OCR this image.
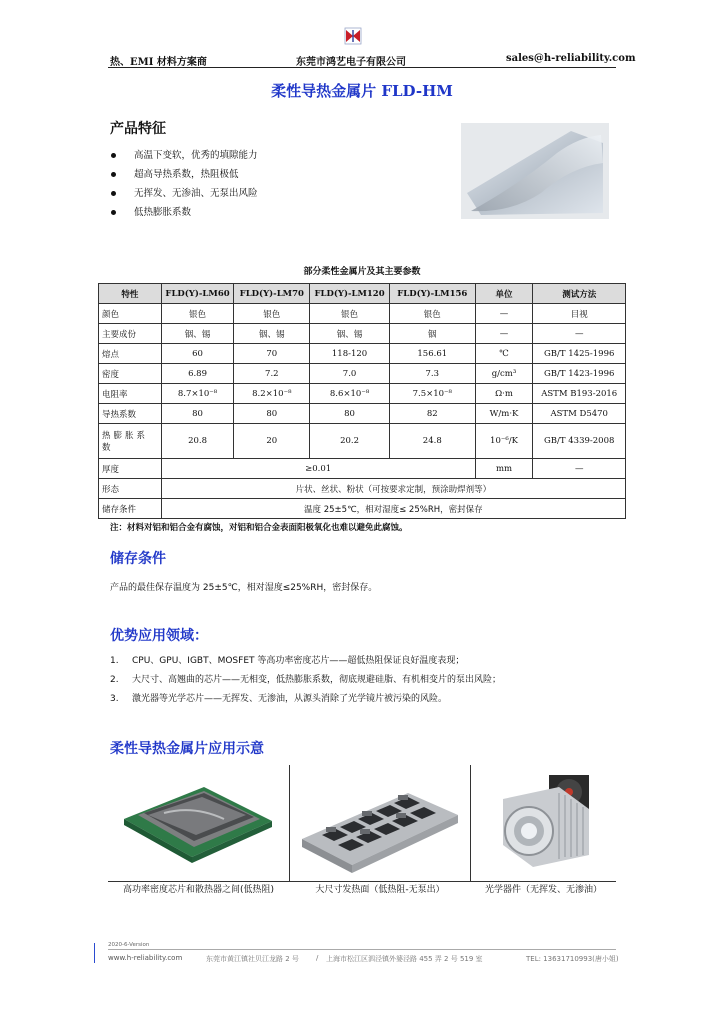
热、EMI 材料方案商	东莞市鸿艺电子有限公司	sales@h-reliability.com
柔性导热金属片 FLD-HM
产品特征
高温下变软，优秀的填隙能力
超高导热系数，热阻极低
无挥发、无渗油、无泵出风险
低热膨胀系数
部分柔性金属片及其主要参数
特性	FLD(Y)-LM60	FLD(Y)-LM70	FLD(Y)-LM120	FLD(Y)-LM156	单位	测试方法
颜色	银色	银色	银色	银色	—	目视
主要成份	铟、锡	铟、锡	铟、锡	铟	—	—
熔点	60	70	118-120	156.61	℃	GB/T 1425-1996
密度	6.89	7.2	7.0	7.3	g/cm³	GB/T 1423-1996
电阻率	8.7×10⁻⁸	8.2×10⁻⁸	8.6×10⁻⁸	7.5×10⁻⁸	Ω·m	ASTM B193-2016
导热系数	80	80	80	82	W/m·K	ASTM D5470
热膨胀系数	20.8	20	20.2	24.8	10⁻⁶/K	GB/T 4339-2008
厚度	≥0.01				mm	—
形态	片状、丝状、粉状（可按要求定制，预涂助焊剂等）					
储存条件	温度 25±5℃，相对湿度≤ 25%RH，密封保存					
注：材料对铝和铝合金有腐蚀，对铝和铝合金表面阳极氧化也难以避免此腐蚀。
储存条件
产品的最佳保存温度为 25±5℃，相对湿度≤25%RH，密封保存。
优势应用领域：
1. CPU、GPU、IGBT、MOSFET 等高功率密度芯片——超低热阻保证良好温度表现；
2. 大尺寸、高翘曲的芯片——无相变，低热膨胀系数，彻底规避硅脂、有机相变片的泵出风险；
3. 激光器等光学芯片——无挥发、无渗油，从源头消除了光学镜片被污染的风险。
柔性导热金属片应用示意
高功率密度芯片和散热器之间(低热阻)	大尺寸发热面（低热阻-无泵出）	光学器件（无挥发、无渗油）
2020-6-Version
www.h-reliability.com	东莞市黄江镇社贝江龙路 2 号 / 上海市松江区泗泾镇外婆泾路 455 弄 2 号 519 室	TEL: 13631710993(唐小姐)
